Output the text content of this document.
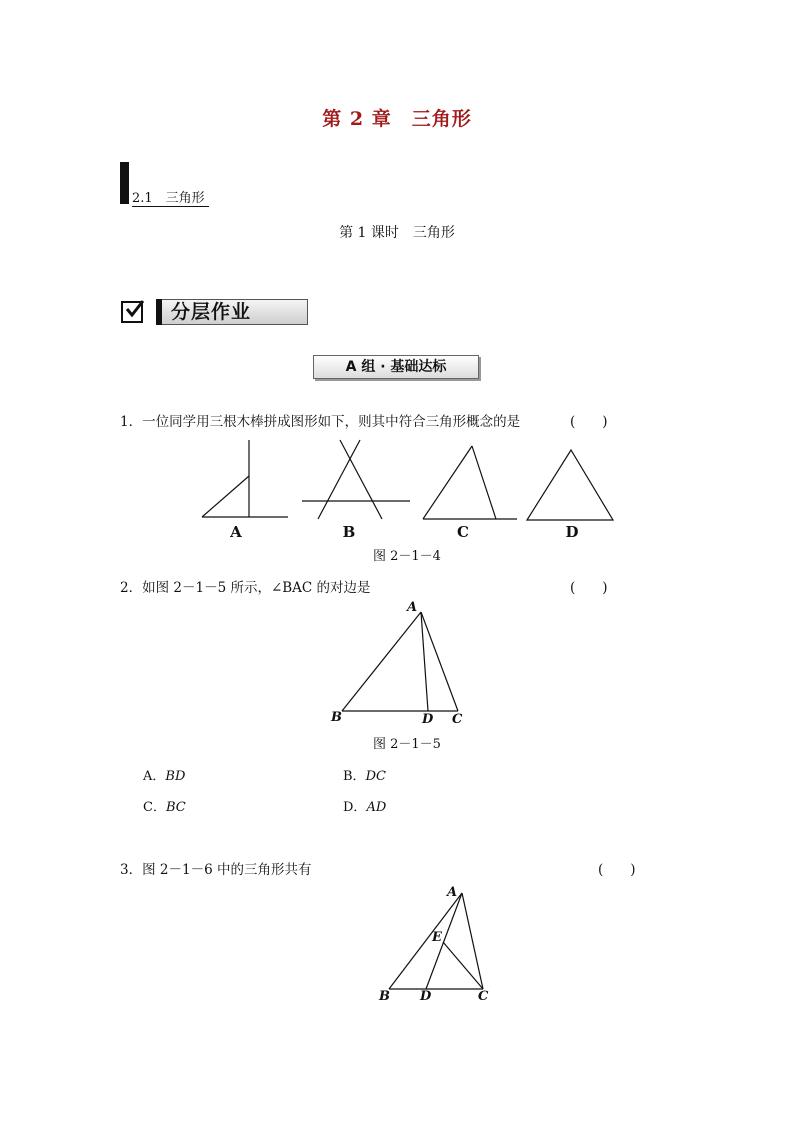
第 2 章　三角形
2.1　三角形
第 1 课时　三角形
分层作业
A 组 · 基础达标
1．一位同学用三根木棒拼成图形如下，则其中符合三角形概念的是	(　　)
A	B	C	D
图 2－1－4
2．如图 2－1－5 所示，∠BAC 的对边是	(　　)
A
B	D C
图 2－1－5
A．BD	B．DC
C．BC	D．AD
3．图 2－1－6 中的三角形共有	(　　)
A
E
B D	C
